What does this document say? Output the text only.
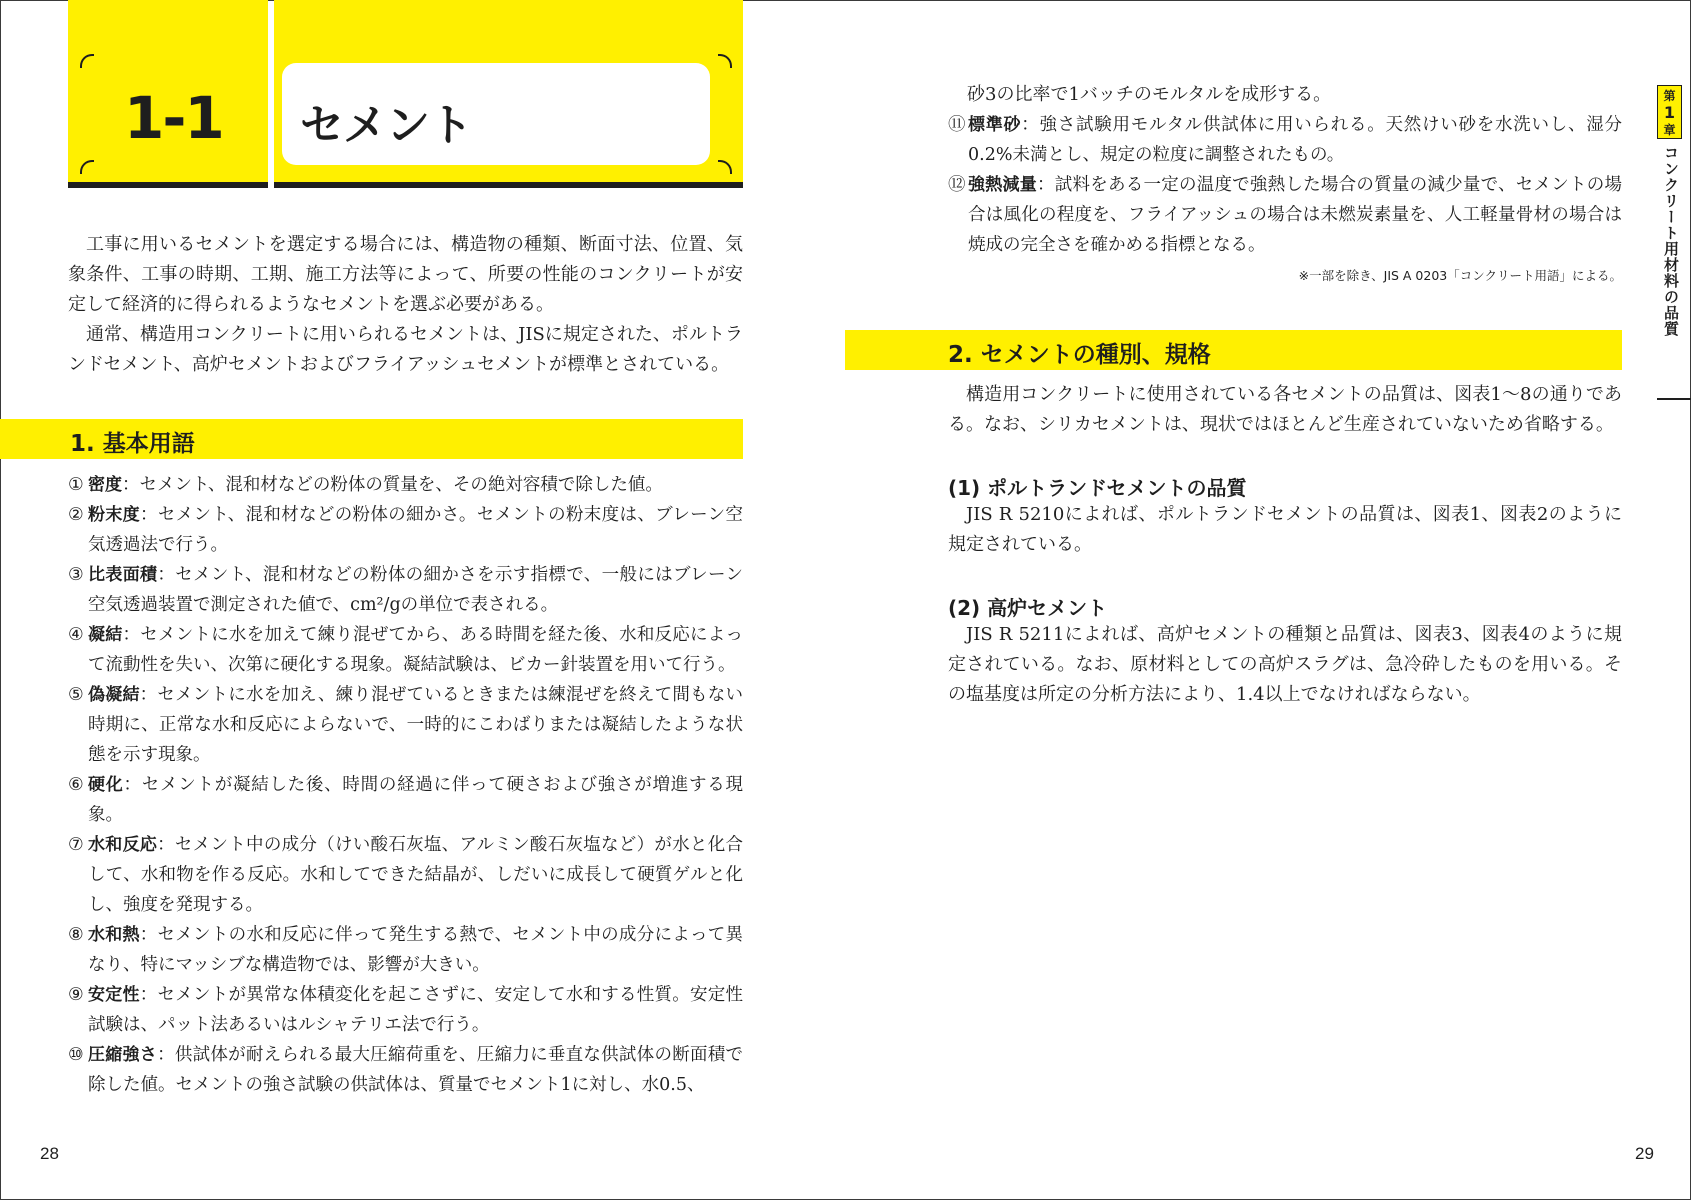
1-1 セメント

工事に用いるセメントを選定する場合には、構造物の種類、断面寸法、位置、気象条件、工事の時期、工期、施工方法等によって、所要の性能のコンクリートが安定して経済的に得られるようなセメントを選ぶ必要がある。

通常、構造用コンクリートに用いられるセメントは、JISに規定された、ポルトランドセメント、高炉セメントおよびフライアッシュセメントが標準とされている。

1. 基本用語
① 密度：セメント、混和材などの粉体の質量を、その絶対容積で除した値。
② 粉末度：セメント、混和材などの粉体の細かさ。セメントの粉末度は、ブレーン空気透過法で行う。
③ 比表面積：セメント、混和材などの粉体の細かさを示す指標で、一般にはブレーン空気透過装置で測定された値で、cm²/gの単位で表される。
④ 凝結：セメントに水を加えて練り混ぜてから、ある時間を経た後、水和反応によって流動性を失い、次第に硬化する現象。凝結試験は、ビカー針装置を用いて行う。
⑤ 偽凝結：セメントに水を加え、練り混ぜているときまたは練混ぜを終えて間もない時期に、正常な水和反応によらないで、一時的にこわばりまたは凝結したような状態を示す現象。
⑥ 硬化：セメントが凝結した後、時間の経過に伴って硬さおよび強さが増進する現象。
⑦ 水和反応：セメント中の成分（けい酸石灰塩、アルミン酸石灰塩など）が水と化合して、水和物を作る反応。水和してできた結晶が、しだいに成長して硬質ゲルと化し、強度を発現する。
⑧ 水和熱：セメントの水和反応に伴って発生する熱で、セメント中の成分によって異なり、特にマッシブな構造物では、影響が大きい。
⑨ 安定性：セメントが異常な体積変化を起こさずに、安定して水和する性質。安定性試験は、パット法あるいはルシャテリエ法で行う。
⑩ 圧縮強さ：供試体が耐えられる最大圧縮荷重を、圧縮力に垂直な供試体の断面積で除した値。セメントの強さ試験の供試体は、質量でセメント1に対し、水0.5、
28
砂3の比率で1バッチのモルタルを成形する。
⑪ 標準砂：強さ試験用モルタル供試体に用いられる。天然けい砂を水洗いし、湿分0.2%未満とし、規定の粒度に調整されたもの。
⑫ 強熱減量：試料をある一定の温度で強熱した場合の質量の減少量で、セメントの場合は風化の程度を、フライアッシュの場合は未燃炭素量を、人工軽量骨材の場合は焼成の完全さを確かめる指標となる。
※一部を除き、JIS A 0203「コンクリート用語」による。
2. セメントの種別、規格

構造用コンクリートに使用されている各セメントの品質は、図表1～8の通りである。なお、シリカセメントは、現状ではほとんど生産されていないため省略する。

(1) ポルトランドセメントの品質

JIS R 5210によれば、ポルトランドセメントの品質は、図表1、図表2のように規定されている。

(2) 高炉セメント

JIS R 5211によれば、高炉セメントの種類と品質は、図表3、図表4のように規定されている。なお、原材料としての高炉スラグは、急冷砕したものを用いる。その塩基度は所定の分析方法により、1.4以上でなければならない。

29
第
1
章
コンクリート用材料の品質
